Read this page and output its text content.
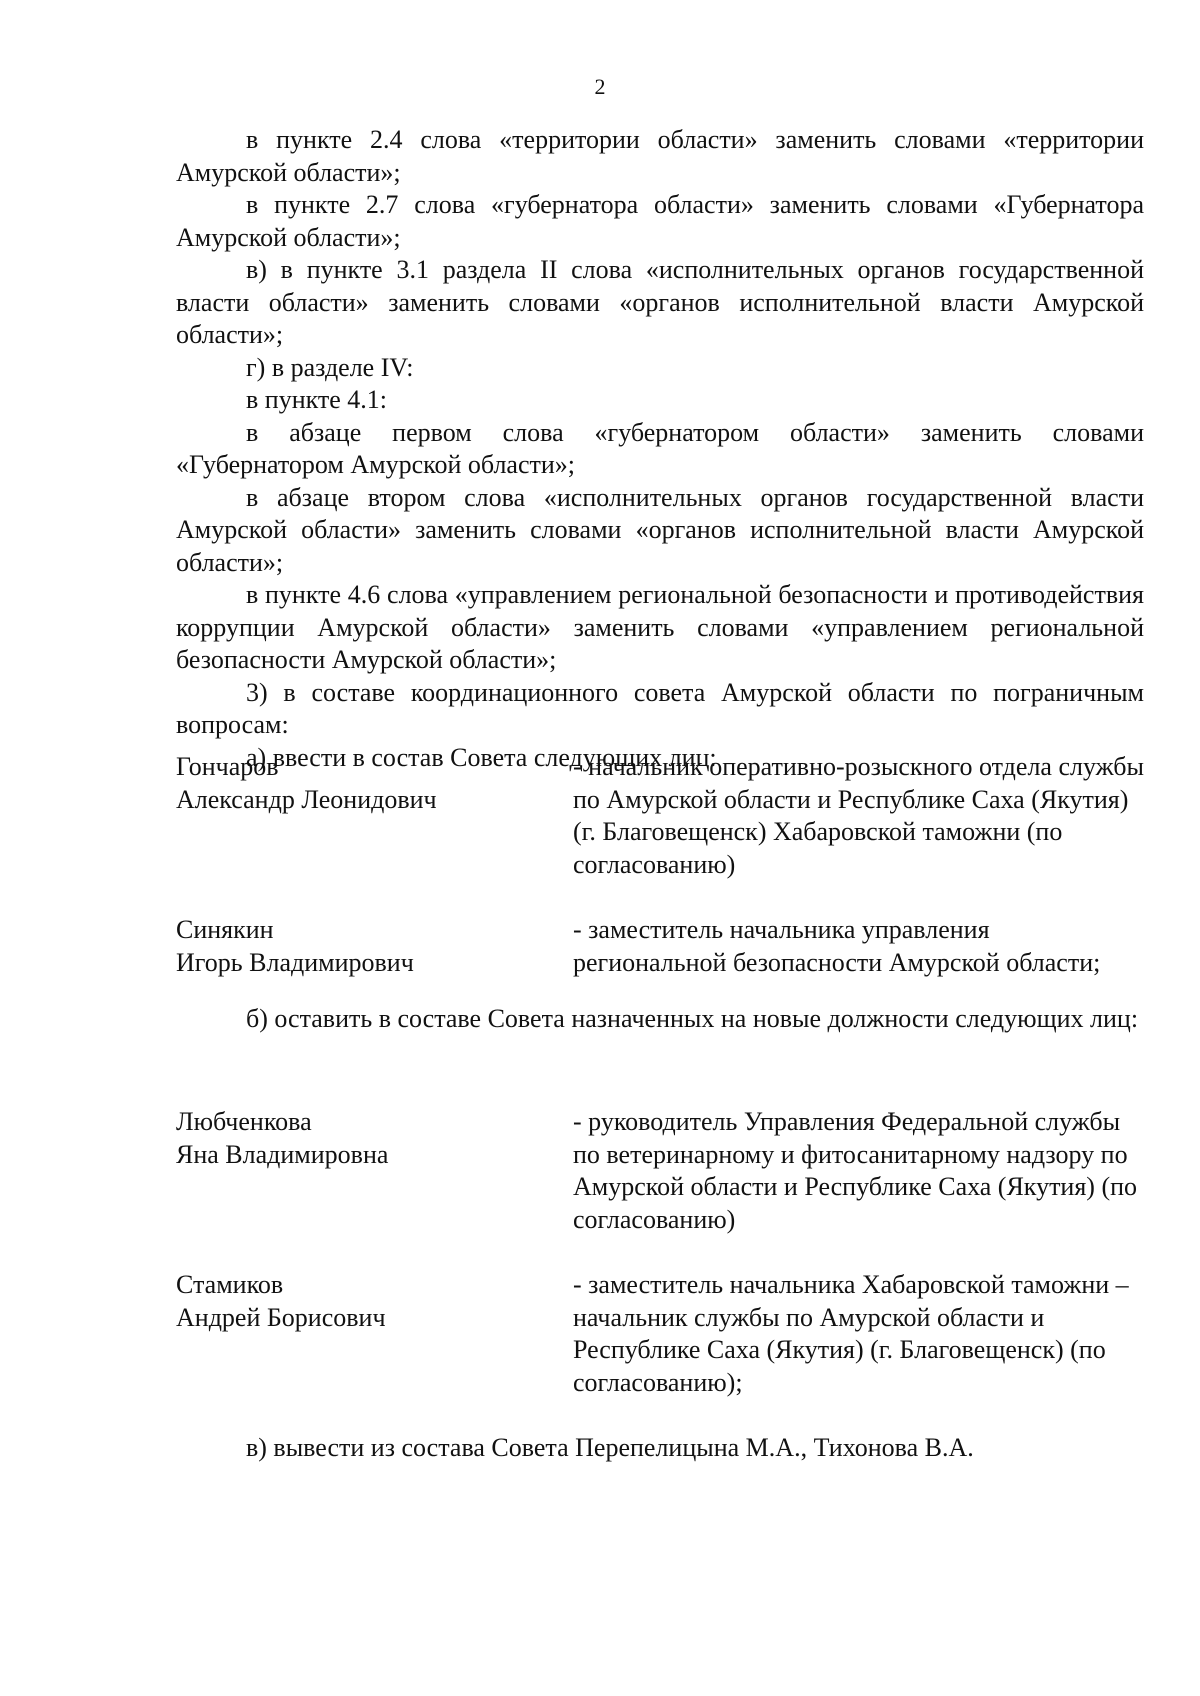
2

в пункте 2.4 слова «территории области» заменить словами «территории Амурской области»;

в пункте 2.7 слова «губернатора области» заменить словами «Губернатора Амурской области»;

в) в пункте 3.1 раздела II слова «исполнительных органов государственной власти области» заменить словами «органов исполнительной власти Амурской области»;

г) в разделе IV:

в пункте 4.1:

в абзаце первом слова «губернатором области» заменить словами «Губернатором Амурской области»;

в абзаце втором слова «исполнительных органов государственной власти Амурской области» заменить словами «органов исполнительной власти Амурской области»;

в пункте 4.6 слова «управлением региональной безопасности и противодействия коррупции Амурской области» заменить словами «управлением региональной безопасности Амурской области»;

3) в составе координационного совета Амурской области по пограничным вопросам:

а) ввести в состав Совета следующих лиц:

Гончаров
Александр Леонидович
- начальник оперативно-розыскного отдела службы по Амурской области и Республике Саха (Якутия) (г. Благовещенск) Хабаровской таможни (по согласованию)
Синякин
Игорь Владимирович
- заместитель начальника управления региональной безопасности Амурской области;

б) оставить в составе Совета назначенных на новые должности следующих лиц:

Любченкова
Яна Владимировна
- руководитель Управления Федеральной службы по ветеринарному и фитосанитарному надзору по Амурской области и Республике Саха (Якутия) (по согласованию)
Стамиков
Андрей Борисович
- заместитель начальника Хабаровской таможни – начальник службы по Амурской области и Республике Саха (Якутия) (г. Благовещенск) (по согласованию);

в) вывести из состава Совета Перепелицына М.А., Тихонова В.А.
